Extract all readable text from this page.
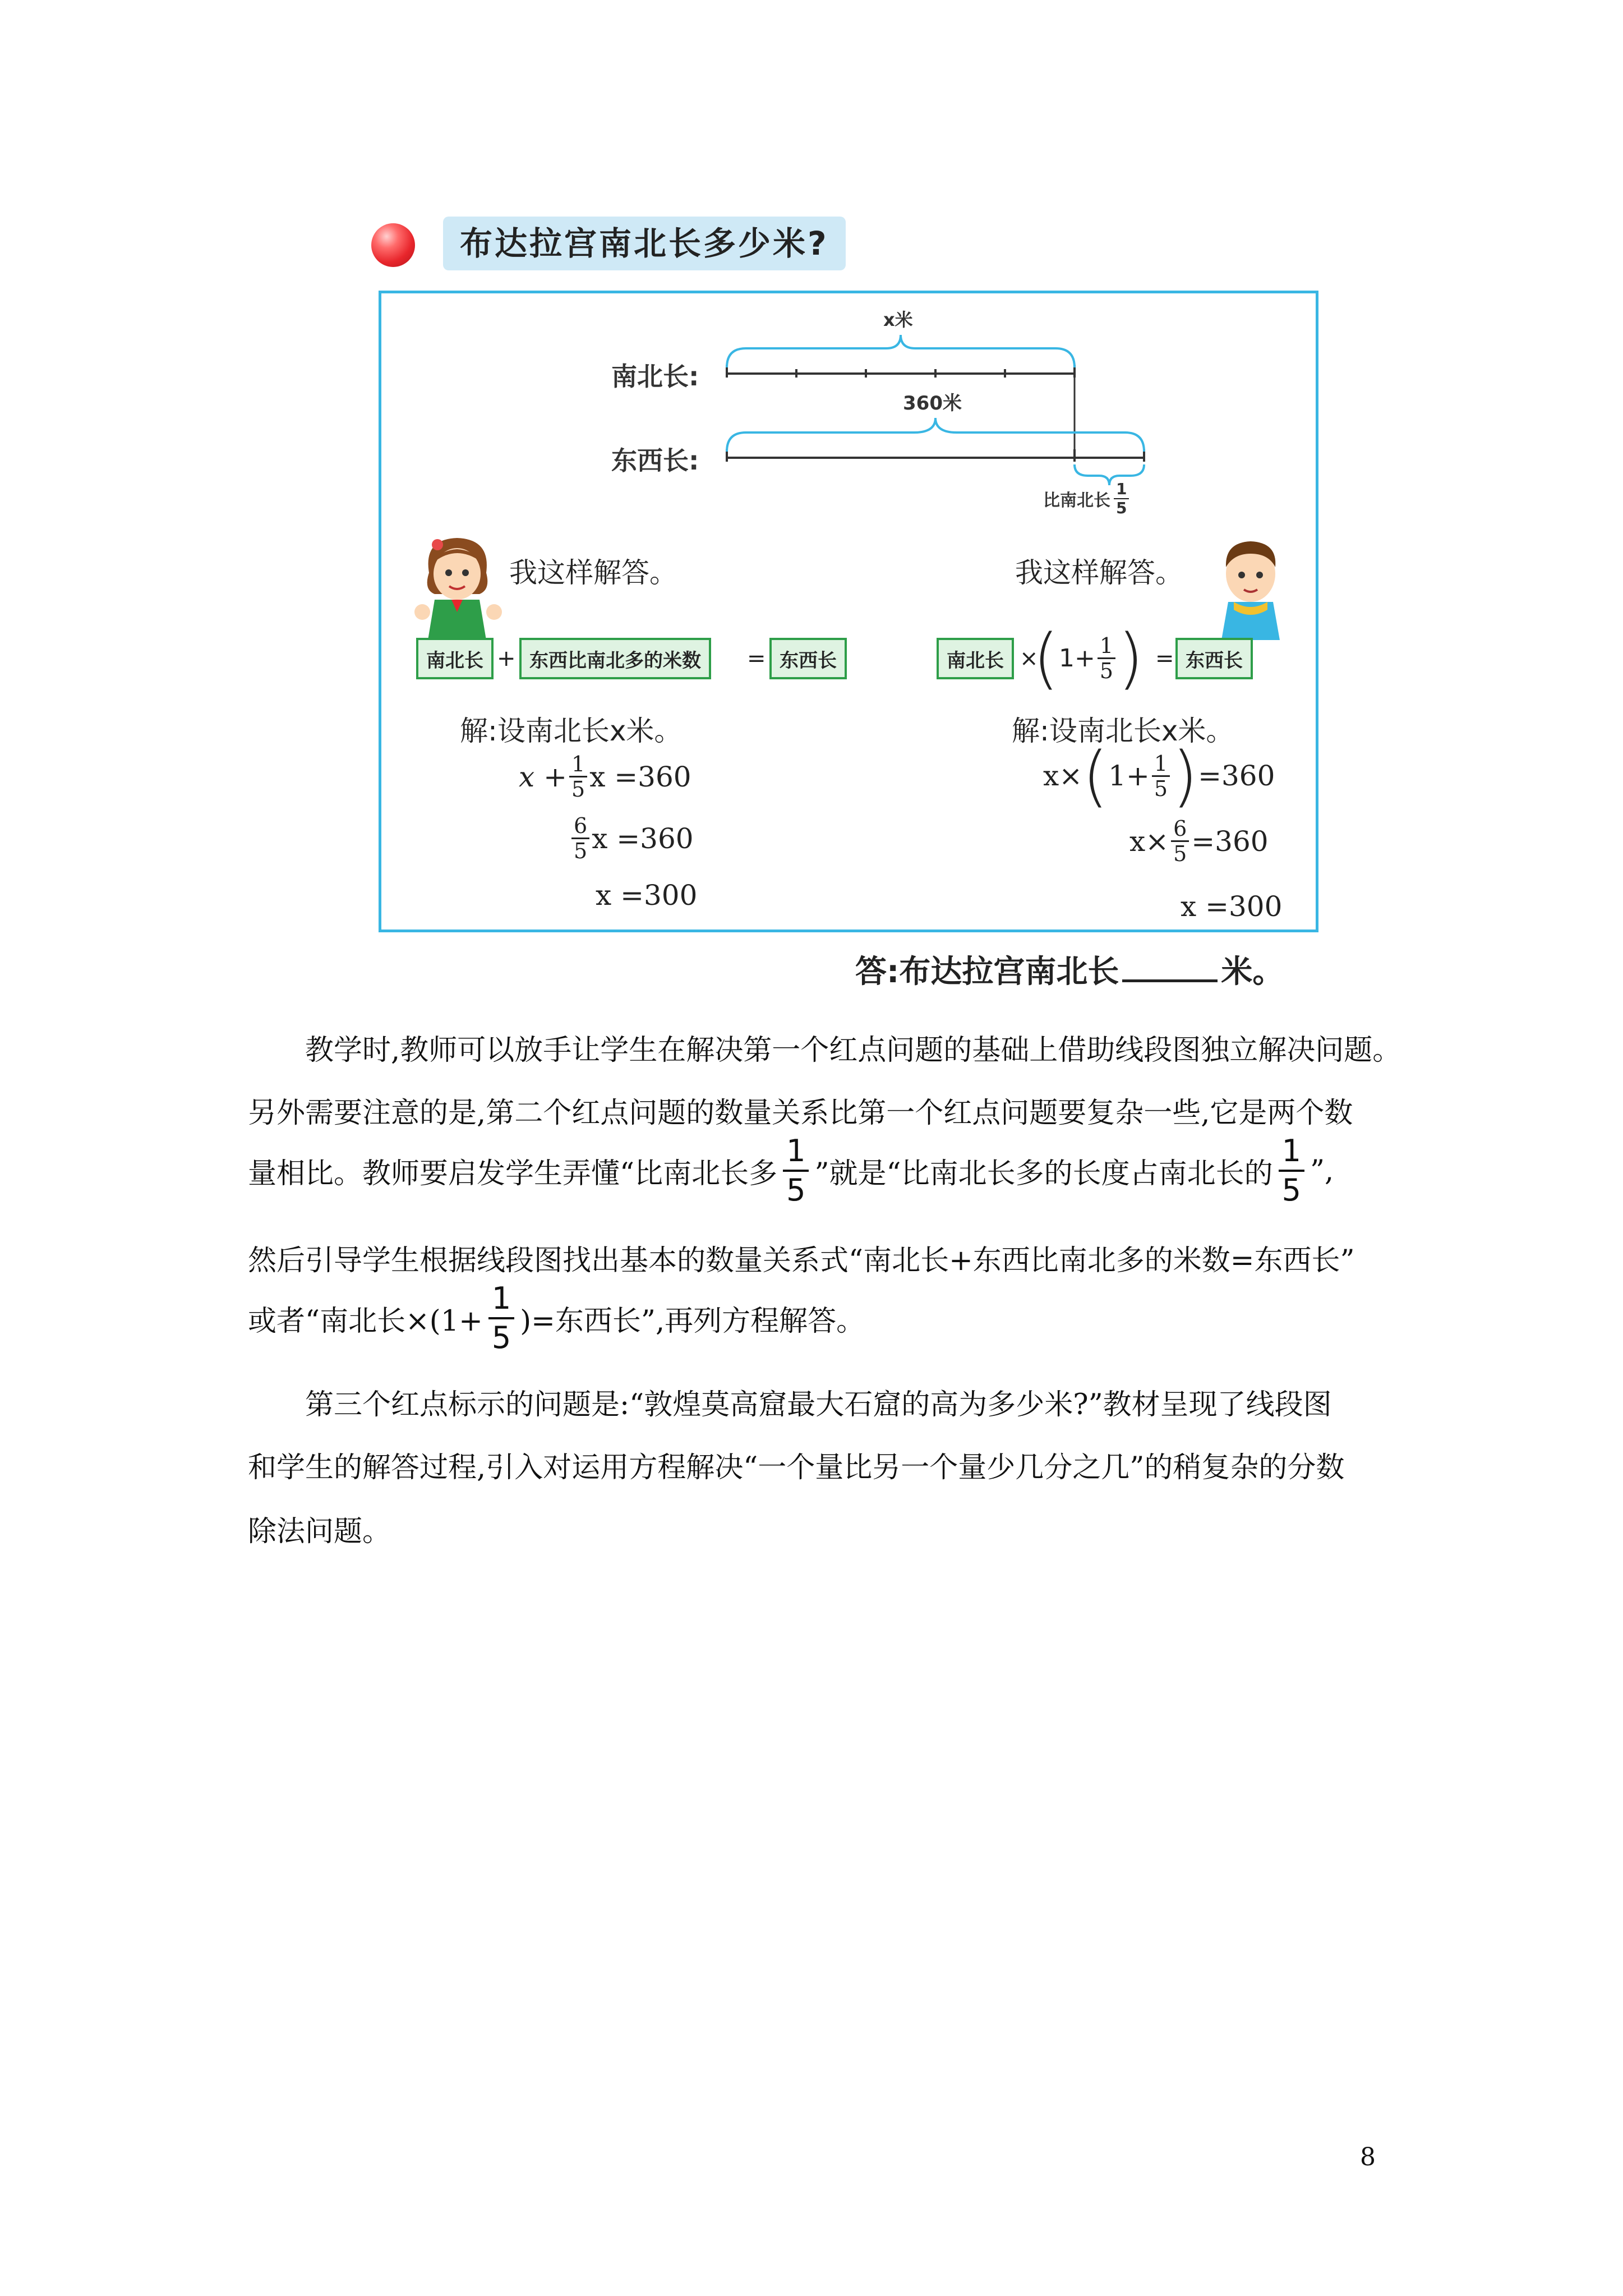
布达拉宫南北长多少米?
x米
南北长:
东西长:
360米
比南北长 $\frac{1}{5}$
我这样解答。	我这样解答。
南北长 + 东西比南北多的米数	= 东西长	南北长 ×
( $1+ \frac{1}{5}$ ) = 东西长
解:设南北长x米。
$x + \frac{1}{5}$ x =360
$\frac{6}{5}$ x =360
x =300
解:设南北长x米。
x× ( $1+ \frac{1}{5}$ ) =360
$x\times \frac{6}{5} =360$
x =300
答:布达拉宫南北长	米。
教学时,教师可以放手让学生在解决第一个红点问题的基础上借助线段图独立解决问题。
另外需要注意的是,第二个红点问题的数量关系比第一个红点问题要复杂一些,它是两个数
量相比。教师要启发学生弄懂“比南北长多 $\frac{1}{5}$ ”就是“比南北长多的长度占南北长的 $\frac{1}{5}$ ”,
然后引导学生根据线段图找出基本的数量关系式“南北长+东西比南北多的米数=东西长”
或者“南北长$\times(1+ \frac{1}{5}$ )=东西长”,再列方程解答。
第三个红点标示的问题是:“敦煌莫高窟最大石窟的高为多少米?”教材呈现了线段图
和学生的解答过程,引入对运用方程解决“一个量比另一个量少几分之几”的稍复杂的分数
除法问题。
8
